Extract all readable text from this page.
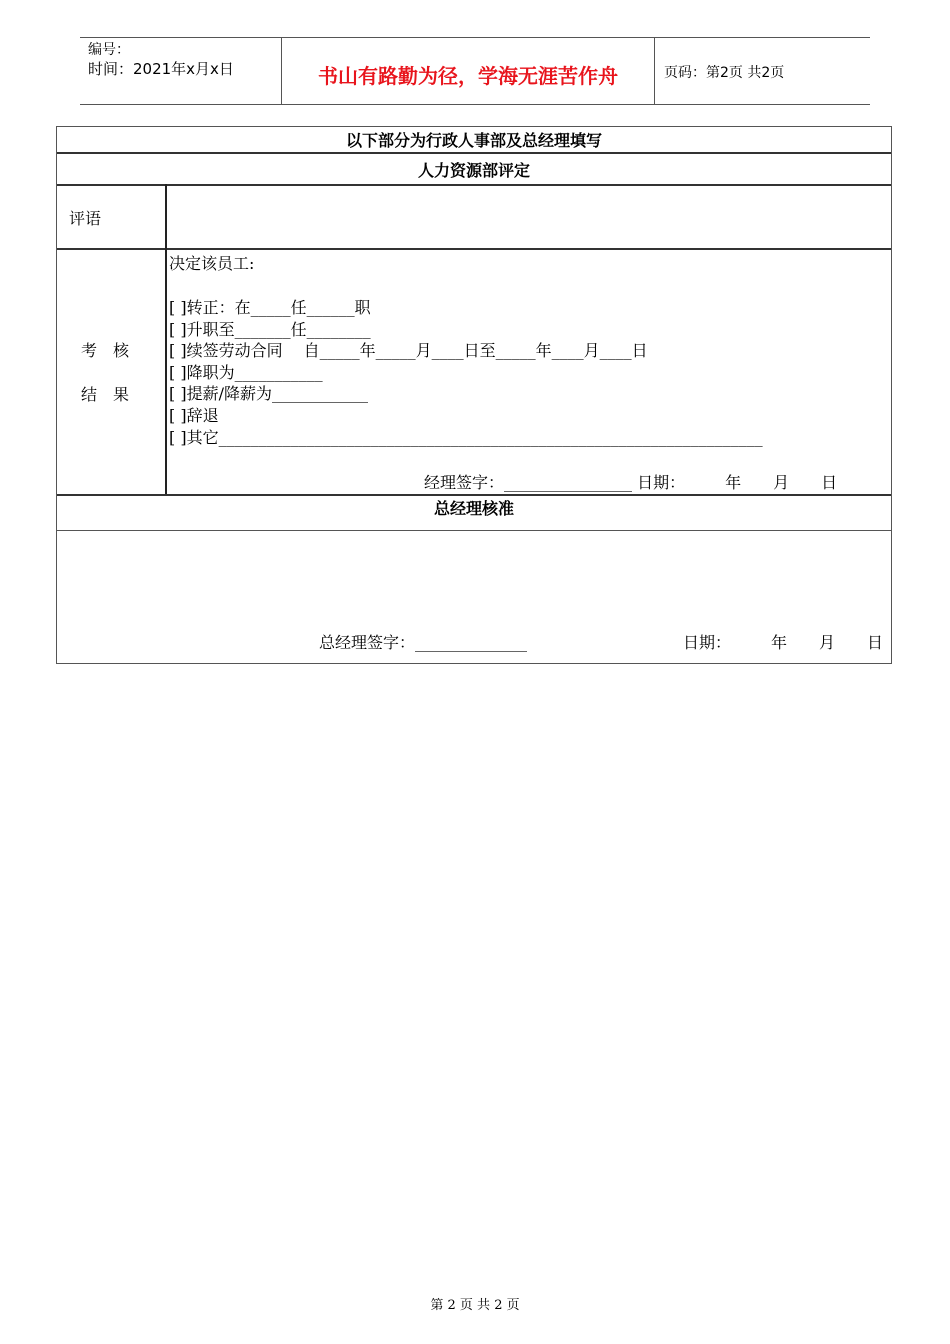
编号：
时间：2021年x月x日	书山有路勤为径，学海无涯苦作舟	页码：第2页 共2页
以下部分为行政人事部及总经理填写
人力资源部评定
评语
考　核
结　果
决定该员工:
[ ]转正：在_____任______职
[ ]升职至_______任________
[ ]续签劳动合同　 自_____年_____月____日至_____年____月____日
[ ]降职为___________
[ ]提薪/降薪为____________
[ ]辞退
[ ]其它____________________________________________________________________
经理签字：________________ 日期：　　　年　　月　　日
总经理核准
总经理签字：______________	日期：　　　年　　月　　日
第 2 页 共 2 页
